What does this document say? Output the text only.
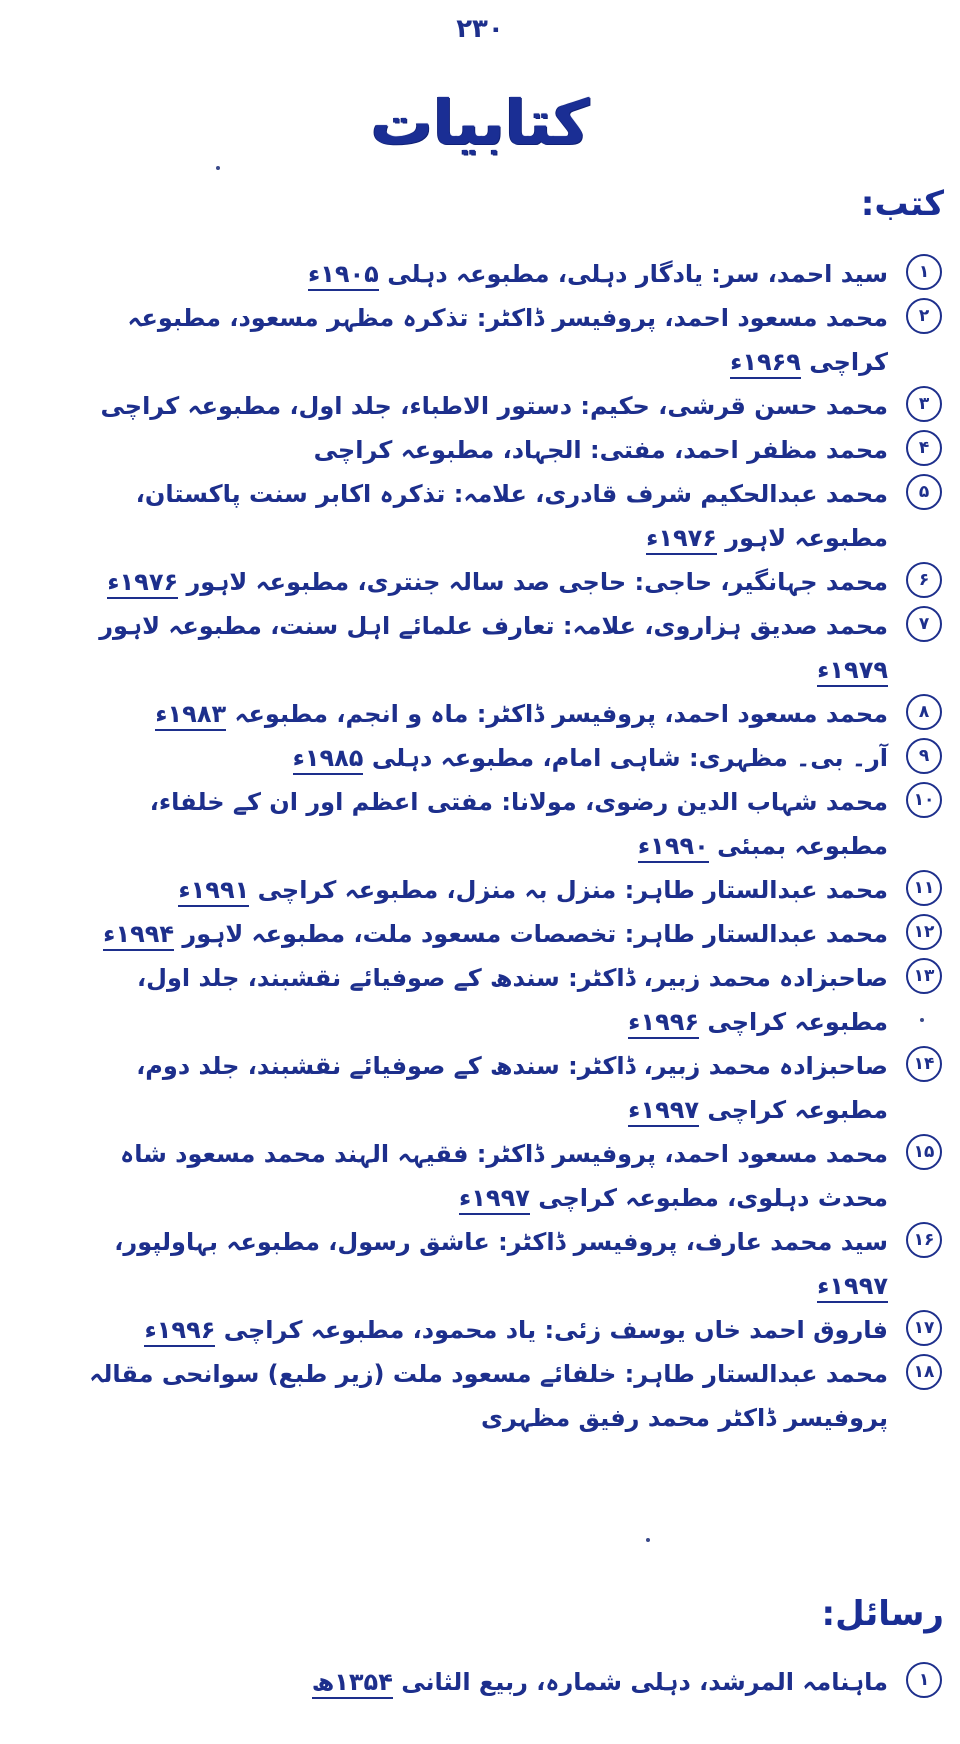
۲۳۰
کتابیات
کتب:
۱
سید احمد، سر: یادگار دہلی، مطبوعہ دہلی ۱۹۰۵ء
۲
محمد مسعود احمد، پروفیسر ڈاکٹر: تذکرہ مظہر مسعود، مطبوعہ کراچی ۱۹۶۹ء
۳
محمد حسن قرشی، حکیم: دستور الاطباء، جلد اول، مطبوعہ کراچی
۴
محمد مظفر احمد، مفتی: الجہاد، مطبوعہ کراچی
۵
محمد عبدالحکیم شرف قادری، علامہ: تذکرہ اکابر سنت پاکستان، مطبوعہ لاہور ۱۹۷۶ء
۶
محمد جہانگیر، حاجی: حاجی صد سالہ جنتری، مطبوعہ لاہور ۱۹۷۶ء
۷
محمد صدیق ہزاروی، علامہ: تعارف علمائے اہل سنت، مطبوعہ لاہور ۱۹۷۹ء
۸
محمد مسعود احمد، پروفیسر ڈاکٹر: ماہ و انجم، مطبوعہ ۱۹۸۳ء
۹
آر۔ بی۔ مظہری: شاہی امام، مطبوعہ دہلی ۱۹۸۵ء
۱۰
محمد شہاب الدین رضوی، مولانا: مفتی اعظم اور ان کے خلفاء، مطبوعہ بمبئی ۱۹۹۰ء
۱۱
محمد عبدالستار طاہر: منزل بہ منزل، مطبوعہ کراچی ۱۹۹۱ء
۱۲
محمد عبدالستار طاہر: تخصصات مسعود ملت، مطبوعہ لاہور ۱۹۹۴ء
۱۳
صاحبزادہ محمد زبیر، ڈاکٹر: سندھ کے صوفیائے نقشبند، جلد اول، مطبوعہ کراچی ۱۹۹۶ء
۱۴
صاحبزادہ محمد زبیر، ڈاکٹر: سندھ کے صوفیائے نقشبند، جلد دوم، مطبوعہ کراچی ۱۹۹۷ء
۱۵
محمد مسعود احمد، پروفیسر ڈاکٹر: فقیہہ الہند محمد مسعود شاہ محدث دہلوی، مطبوعہ کراچی ۱۹۹۷ء
۱۶
سید محمد عارف، پروفیسر ڈاکٹر: عاشق رسول، مطبوعہ بہاولپور، ۱۹۹۷ء
۱۷
فاروق احمد خاں یوسف زئی: یاد محمود، مطبوعہ کراچی ۱۹۹۶ء
۱۸
محمد عبدالستار طاہر: خلفائے مسعود ملت (زیر طبع) سوانحی مقالہ پروفیسر ڈاکٹر محمد رفیق مظہری
رسائل:
۱
ماہنامہ المرشد، دہلی شمارہ، ربیع الثانی ۱۳۵۴ھ
